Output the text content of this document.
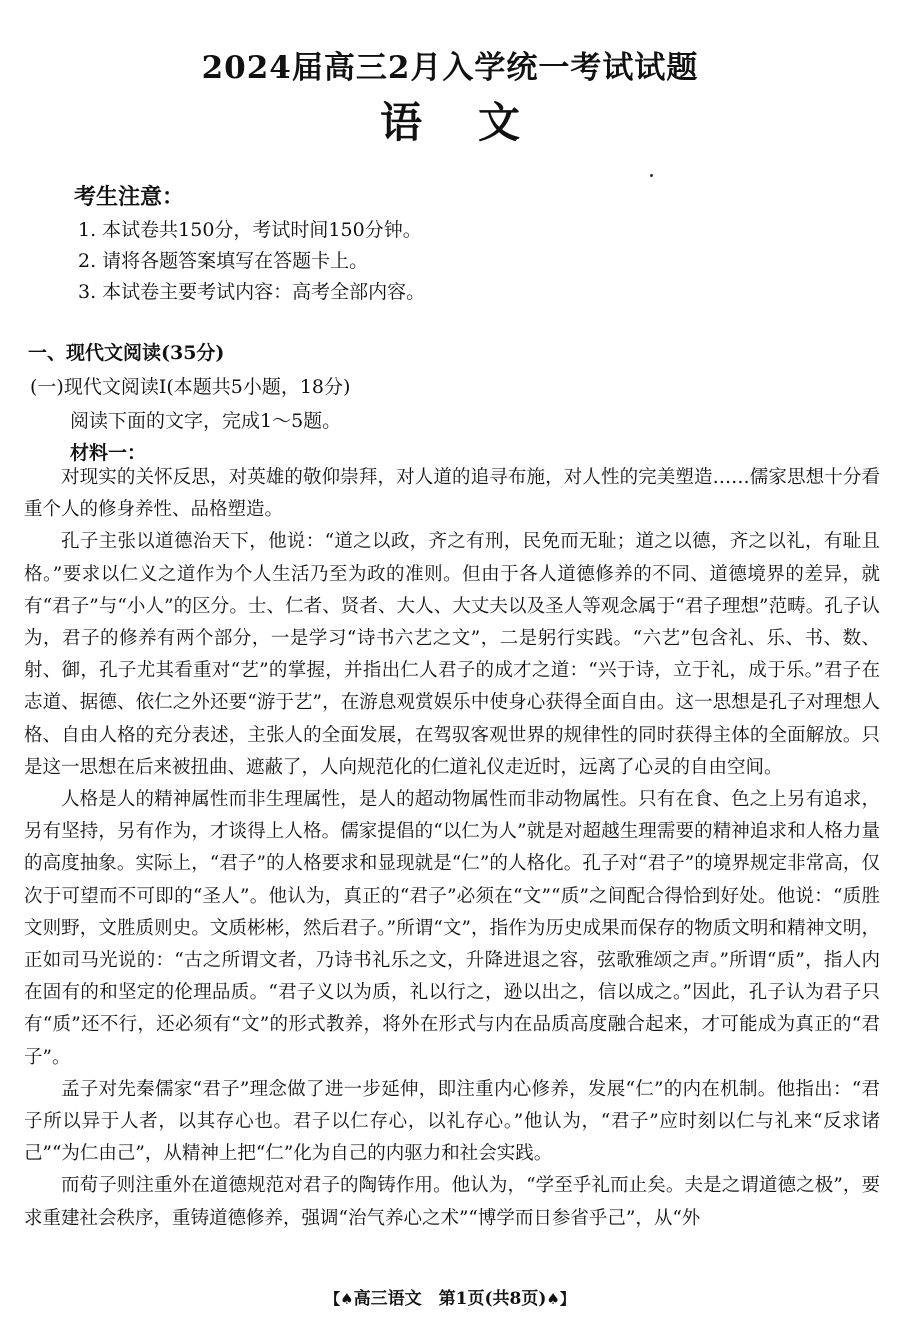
2024届高三2月入学统一考试试题
语文
考生注意：
1. 本试卷共150分，考试时间150分钟。
2. 请将各题答案填写在答题卡上。
3. 本试卷主要考试内容：高考全部内容。
一、现代文阅读(35分)
(一)现代文阅读Ⅰ(本题共5小题，18分)
阅读下面的文字，完成1～5题。
材料一：

对现实的关怀反思，对英雄的敬仰崇拜，对人道的追寻布施，对人性的完美塑造……儒家思想十分看重个人的修身养性、品格塑造。

孔子主张以道德治天下，他说：“道之以政，齐之有刑，民免而无耻；道之以德，齐之以礼，有耻且格。”要求以仁义之道作为个人生活乃至为政的准则。但由于各人道德修养的不同、道德境界的差异，就有“君子”与“小人”的区分。士、仁者、贤者、大人、大丈夫以及圣人等观念属于“君子理想”范畴。孔子认为，君子的修养有两个部分，一是学习“诗书六艺之文”，二是躬行实践。“六艺”包含礼、乐、书、数、射、御，孔子尤其看重对“艺”的掌握，并指出仁人君子的成才之道：“兴于诗，立于礼，成于乐。”君子在志道、据德、依仁之外还要“游于艺”，在游息观赏娱乐中使身心获得全面自由。这一思想是孔子对理想人格、自由人格的充分表述，主张人的全面发展，在驾驭客观世界的规律性的同时获得主体的全面解放。只是这一思想在后来被扭曲、遮蔽了，人向规范化的仁道礼仪走近时，远离了心灵的自由空间。

人格是人的精神属性而非生理属性，是人的超动物属性而非动物属性。只有在食、色之上另有追求，另有坚持，另有作为，才谈得上人格。儒家提倡的“以仁为人”就是对超越生理需要的精神追求和人格力量的高度抽象。实际上，“君子”的人格要求和显现就是“仁”的人格化。孔子对“君子”的境界规定非常高，仅次于可望而不可即的“圣人”。他认为，真正的“君子”必须在“文”“质”之间配合得恰到好处。他说：“质胜文则野，文胜质则史。文质彬彬，然后君子。”所谓“文”，指作为历史成果而保存的物质文明和精神文明，正如司马光说的：“古之所谓文者，乃诗书礼乐之文，升降进退之容，弦歌雅颂之声。”所谓“质”，指人内在固有的和坚定的伦理品质。“君子义以为质，礼以行之，逊以出之，信以成之。”因此，孔子认为君子只有“质”还不行，还必须有“文”的形式教养，将外在形式与内在品质高度融合起来，才可能成为真正的“君子”。

孟子对先秦儒家“君子”理念做了进一步延伸，即注重内心修养，发展“仁”的内在机制。他指出：“君子所以异于人者，以其存心也。君子以仁存心，以礼存心。”他认为，“君子”应时刻以仁与礼来“反求诸己”“为仁由己”，从精神上把“仁”化为自己的内驱力和社会实践。

而荀子则注重外在道德规范对君子的陶铸作用。他认为，“学至乎礼而止矣。夫是之谓道德之极”，要求重建社会秩序，重铸道德修养，强调“治气养心之术”“博学而日参省乎己”，从“外

【♠高三语文　第1页(共8页)♠】
